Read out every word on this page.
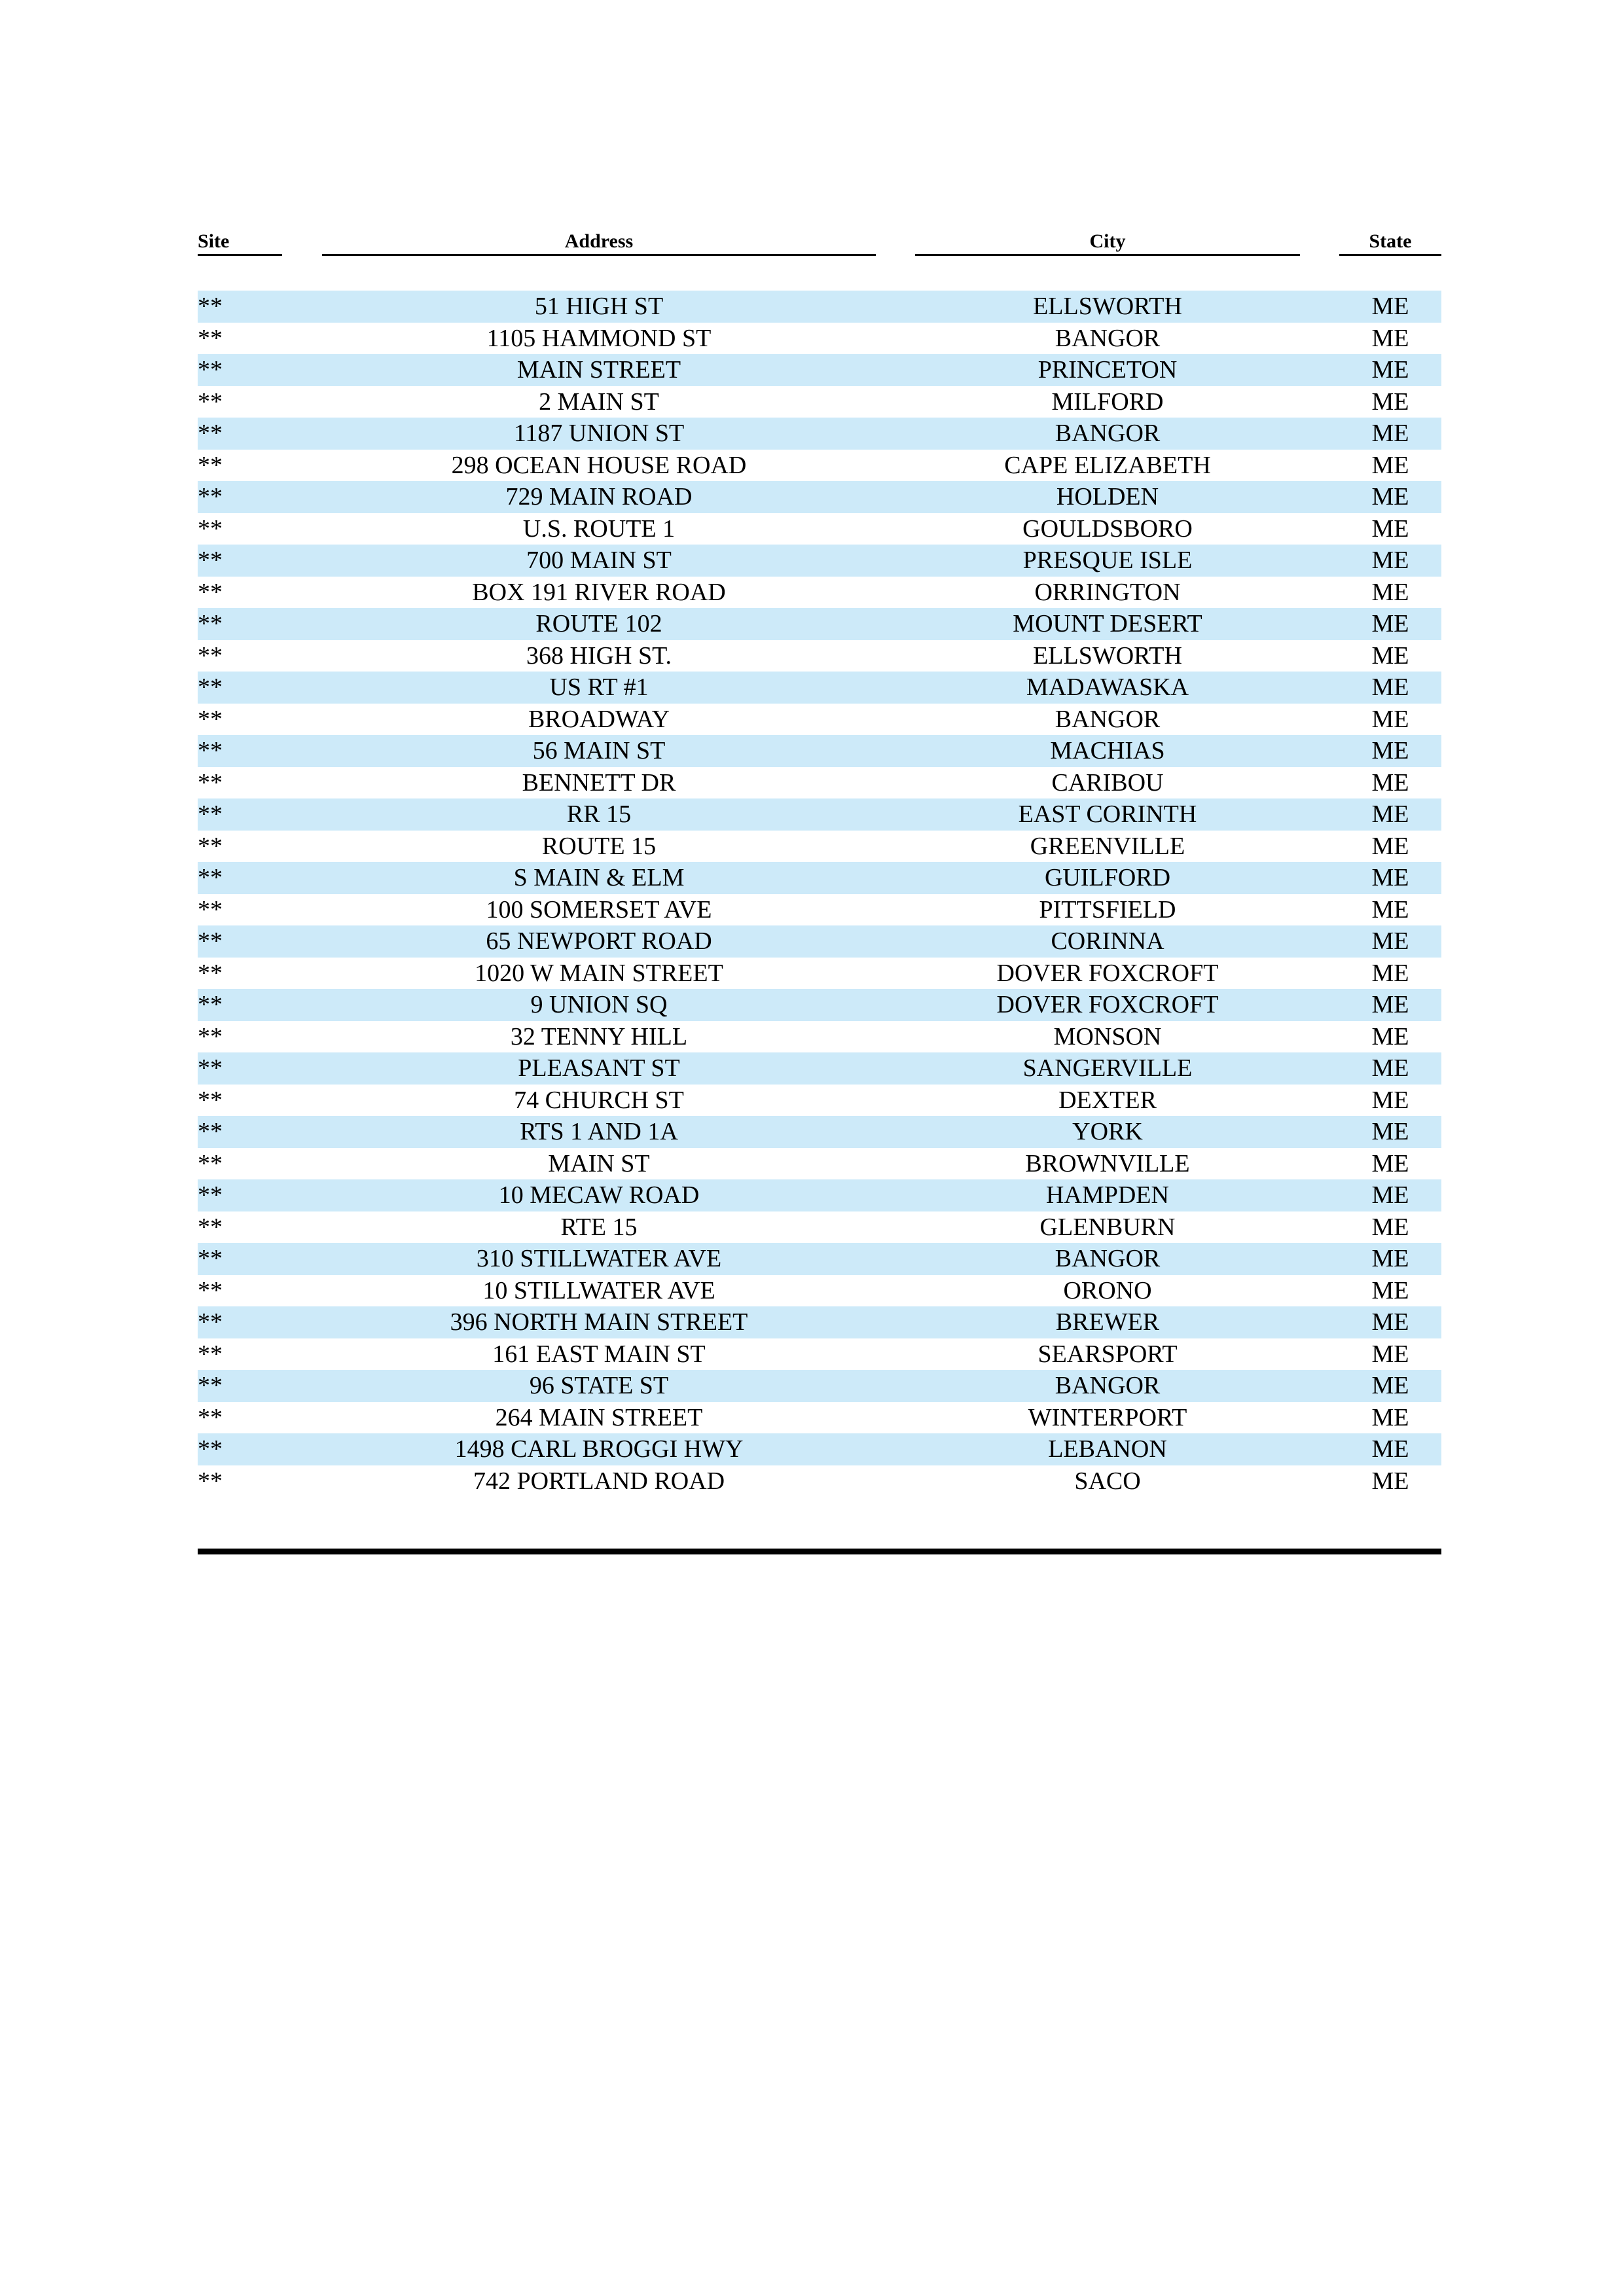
Site	Address	City	State
**	51 HIGH ST	ELLSWORTH	ME
**	1105 HAMMOND ST	BANGOR	ME
**	MAIN STREET	PRINCETON	ME
**	2 MAIN ST	MILFORD	ME
**	1187 UNION ST	BANGOR	ME
**	298 OCEAN HOUSE ROAD	CAPE ELIZABETH	ME
**	729 MAIN ROAD	HOLDEN	ME
**	U.S. ROUTE 1	GOULDSBORO	ME
**	700 MAIN ST	PRESQUE ISLE	ME
**	BOX 191 RIVER ROAD	ORRINGTON	ME
**	ROUTE 102	MOUNT DESERT	ME
**	368 HIGH ST.	ELLSWORTH	ME
**	US RT #1	MADAWASKA	ME
**	BROADWAY	BANGOR	ME
**	56 MAIN ST	MACHIAS	ME
**	BENNETT DR	CARIBOU	ME
**	RR 15	EAST CORINTH	ME
**	ROUTE 15	GREENVILLE	ME
**	S MAIN & ELM	GUILFORD	ME
**	100 SOMERSET AVE	PITTSFIELD	ME
**	65 NEWPORT ROAD	CORINNA	ME
**	1020 W MAIN STREET	DOVER FOXCROFT	ME
**	9 UNION SQ	DOVER FOXCROFT	ME
**	32 TENNY HILL	MONSON	ME
**	PLEASANT ST	SANGERVILLE	ME
**	74 CHURCH ST	DEXTER	ME
**	RTS 1 AND 1A	YORK	ME
**	MAIN ST	BROWNVILLE	ME
**	10 MECAW ROAD	HAMPDEN	ME
**	RTE 15	GLENBURN	ME
**	310 STILLWATER AVE	BANGOR	ME
**	10 STILLWATER AVE	ORONO	ME
**	396 NORTH MAIN STREET	BREWER	ME
**	161 EAST MAIN ST	SEARSPORT	ME
**	96 STATE ST	BANGOR	ME
**	264 MAIN STREET	WINTERPORT	ME
**	1498 CARL BROGGI HWY	LEBANON	ME
**	742 PORTLAND ROAD	SACO	ME
